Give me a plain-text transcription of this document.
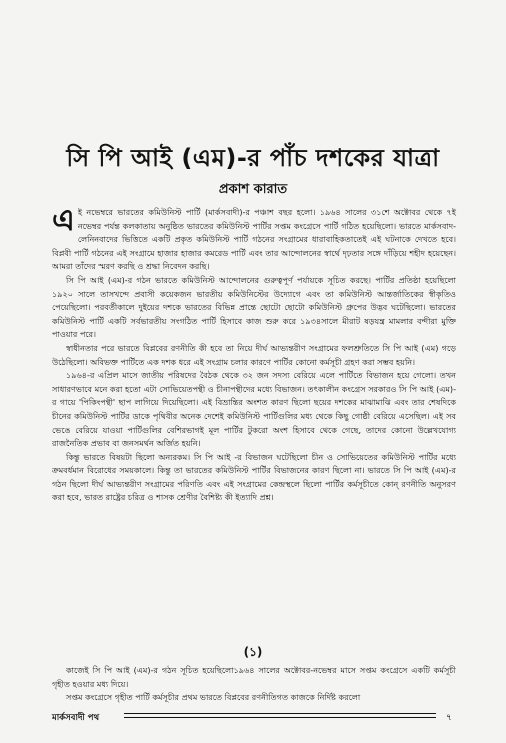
সি পি আই (এম)-র পাঁচ দশকের যাত্রা
প্রকাশ কারাত

এই নভেম্বরে ভারতের কমিউনিস্ট পার্টি (মার্কসবাদী)-র পঞ্চাশ বছর হলো। ১৯৬৪ সালের ৩১শে অক্টোবর থেকে ৭ই নভেম্বর পর্যন্ত কলকাতায় অনুষ্ঠিত ভারতের কমিউনিস্ট পার্টির সপ্তম কংগ্রেসে পার্টি গঠিত হয়েছিলো। ভারতে মার্কসবাদ-লেনিনবাদের ভিত্তিতে একটি প্রকৃত কমিউনিস্ট পার্টি গঠনের সংগ্রামের ধারাবাহিকতাতেই এই ঘটনাকে দেখতে হবে। বিপ্লবী পার্টি গঠনের এই সংগ্রামে হাজার হাজার কমরেড পার্টি এবং তার আন্দোলনের স্বার্থে দৃঢ়তার সঙ্গে দাঁড়িয়ে শহীদ হয়েছেন। আমরা তাঁদের স্মরণ করছি ও শ্রদ্ধা নিবেদন করছি।

সি পি আই (এম)-র গঠন ভারতে কমিউনিস্ট আন্দোলনের গুরুত্বপূর্ণ পর্যায়কে সূচিত করছে। পার্টির প্রতিষ্ঠা হয়েছিলো ১৯২০ সালে তাসখন্দে প্রবাসী কয়েকজন ভারতীয় কমিউনিস্টের উদ্যোগে এবং তা কমিউনিস্ট আন্তর্জাতিকের স্বীকৃতিও পেয়েছিলো। পরবর্তীকালে দুইয়ের দশকে ভারতের বিভিন্ন প্রান্তে ছোটো ছোটো কমিউনিস্ট গ্রুপের উদ্ভব ঘটেছিলো। ভারতের কমিউনিস্ট পার্টি একটি সর্বভারতীয় সংগঠিত পার্টি হিসাবে কাজ শুরু করে ১৯৩৪সালে মীরাট ষড়যন্ত্র মামলার বন্দীরা মুক্তি পাওয়ার পরে।

স্বাধীনতার পরে ভারতে বিপ্লবের রণনীতি কী হবে তা নিয়ে দীর্ঘ আভ্যন্তরীণ সংগ্রামের ফলশ্রুতিতে সি পি আই (এম) গড়ে উঠেছিলো। অবিভক্ত পার্টিতে এক দশক ধরে এই সংগ্রাম চলার কারণে পার্টির কোনো কর্মসূচী গ্রহণ করা সম্ভব হয়নি।

১৯৬৪-র এপ্রিল মাসে জাতীয় পরিষদের বৈঠক থেকে ৩২ জন সদস্য বেরিয়ে এলে পার্টিতে বিভাজন হয়ে গেলো। তখন সাধারণভাবে মনে করা হতো এটা সোভিয়েতপন্থী ও চীনাপন্থীদের মধ্যে বিভাজন। তৎকালীন কংগ্রেস সরকারও সি পি আই (এম)-র গায়ে 'পিকিংপন্থী' ছাপ লাগিয়ে দিয়েছিলো। এই বিভ্রান্তির অংশত কারণ ছিলো ছয়ের দশকের মাঝামাঝি এবং তার শেষদিকে চীনের কমিউনিস্ট পার্টির ডাকে পৃথিবীর অনেক দেশেই কমিউনিস্ট পার্টিগুলির মধ্য থেকে কিছু গোষ্ঠী বেরিয়ে এসেছিল। এই সব ভেঙে বেরিয়ে যাওয়া পার্টিগুলির বেশিরভাগই মূল পার্টির টুকরো অংশ হিসাবে থেকে গেছে, তাদের কোনো উল্লেখযোগ্য রাজনৈতিক প্রভাব বা জনসমর্থন অর্জিত হয়নি।

কিন্তু ভারতে বিষয়টা ছিলো অন্যরকম। সি পি আই -র বিভাজন ঘটেছিলো চীন ও সোভিয়েতের কমিউনিস্ট পার্টির মধ্যে ক্রমবর্ধমান বিরোধের সময়কালে। কিন্তু তা ভারতের কমিউনিস্ট পার্টির বিভাজনের কারণ ছিলো না। ভারতে সি পি আই (এম)-র গঠন ছিলো দীর্ঘ আভ্যন্তরীণ সংগ্রামের পরিণতি এবং এই সংগ্রামের কেন্দ্রস্থলে ছিলো পার্টির কর্মসূচীতে কোন্‌ রণনীতি অনুসরণ করা হবে, ভারত রাষ্ট্রের চরিত্র ও শাসক শ্রেণীর বৈশিষ্ট্য কী ইত্যাদি প্রশ্ন।

(১)

কাজেই সি পি আই (এম)-র গঠন সূচিত হয়েছিলো১৯৬৪ সালের অক্টোবর-নভেম্বর মাসে সপ্তম কংগ্রেসে একটি কর্মসূচী গৃহীত হওয়ার মধ্য দিয়ে।

সপ্তম কংগ্রেসে গৃহীত পার্টি কর্মসূচীর প্রথম ভারতে বিপ্লবের রণনীতিগত কাজকে নির্দিষ্ট করলো

মার্কসবাদী পথ	৭
